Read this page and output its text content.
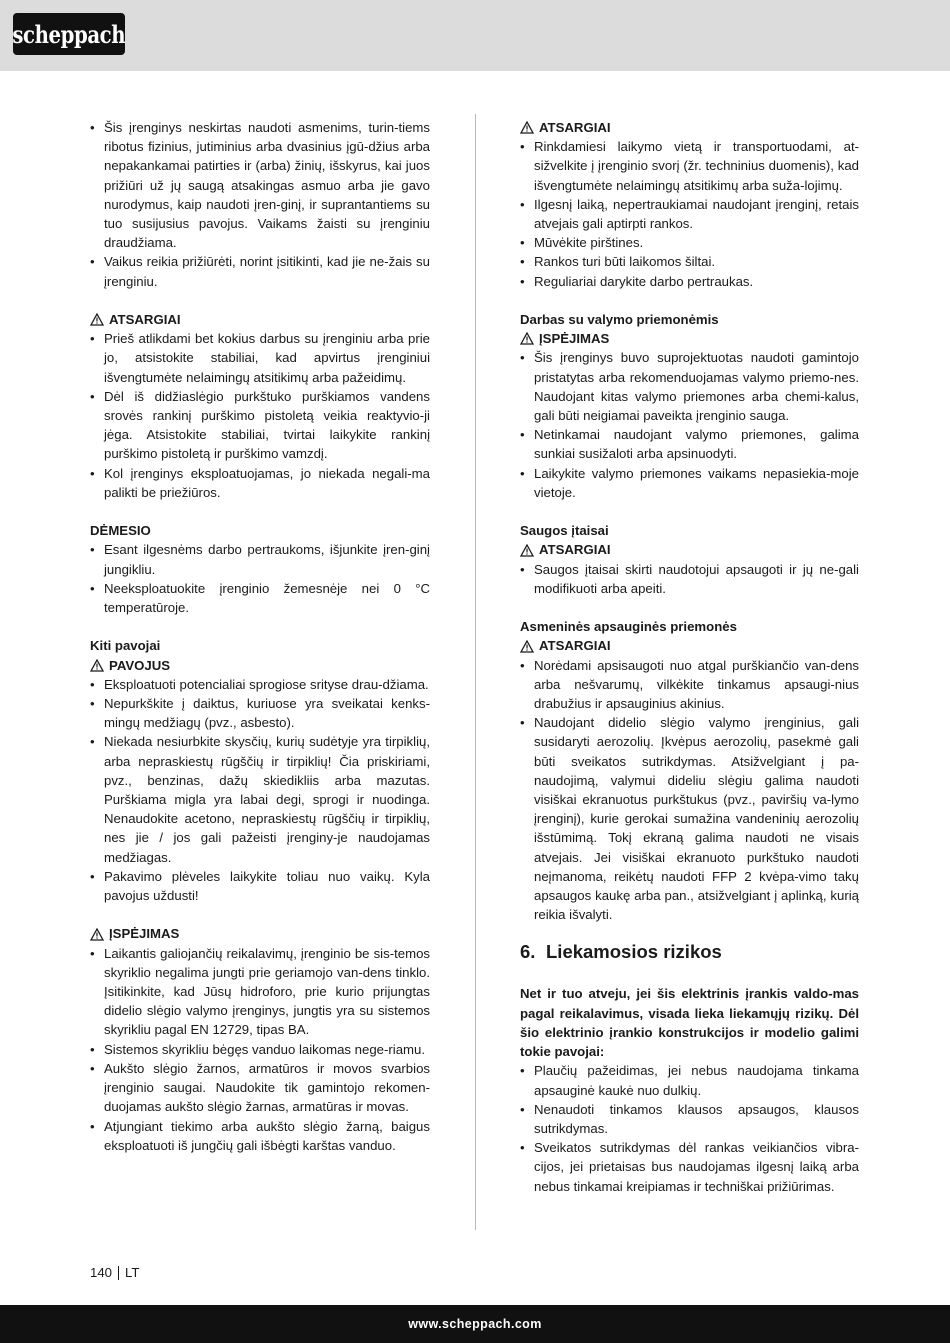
scheppach
• Šis įrenginys neskirtas naudoti asmenims, turin-tiems ribotus fizinius, jutiminius arba dvasinius įgū-džius arba nepakankamai patirties ir (arba) žinių, išskyrus, kai juos prižiūri už jų saugą atsakingas asmuo arba jie gavo nurodymus, kaip naudoti įren-ginį, ir suprantantiems su tuo susijusius pavojus. Vaikams žaisti su įrenginiu draudžiama.
• Vaikus reikia prižiūrėti, norint įsitikinti, kad jie ne-žais su įrenginiu.
ATSARGIAI
• Prieš atlikdami bet kokius darbus su įrenginiu arba prie jo, atsistokite stabiliai, kad apvirtus įrenginiui išvengtumėte nelaimingų atsitikimų arba pažeidimų.
• Dėl iš didžiaslėgio purkštuko purškiamos vandens srovės rankinį purškimo pistoletą veikia reaktyvio-ji jėga. Atsistokite stabiliai, tvirtai laikykite rankinį purškimo pistoletą ir purškimo vamzdį.
• Kol įrenginys eksploatuojamas, jo niekada negali-ma palikti be priežiūros.

DĖMESIO

• Esant ilgesnėms darbo pertraukoms, išjunkite įren-ginį jungikliu.
• Neeksploatuokite įrenginio žemesnėje nei 0 °C temperatūroje.

Kiti pavojai

PAVOJUS
• Eksploatuoti potencialiai sprogiose srityse drau-džiama.
• Nepurkškite į daiktus, kuriuose yra sveikatai kenks-mingų medžiagų (pvz., asbesto).
• Niekada nesiurbkite skysčių, kurių sudėtyje yra tirpiklių, arba nepraskiestų rūgščių ir tirpiklių! Čia priskiriami, pvz., benzinas, dažų skiedikliis arba mazutas. Purškiama migla yra labai degi, sprogi ir nuodinga. Nenaudokite acetono, nepraskiestų rūgščių ir tirpiklių, nes jie / jos gali pažeisti įrenginy-je naudojamas medžiagas.
• Pakavimo plėveles laikykite toliau nuo vaikų. Kyla pavojus uždusti!
ĮSPĖJIMAS
• Laikantis galiojančių reikalavimų, įrenginio be sis-temos skyriklio negalima jungti prie geriamojo van-dens tinklo. Įsitikinkite, kad Jūsų hidroforo, prie kurio prijungtas didelio slėgio valymo įrenginys, jungtis yra su sistemos skyrikliu pagal EN 12729, tipas BA.
• Sistemos skyrikliu bėgęs vanduo laikomas nege-riamu.
• Aukšto slėgio žarnos, armatūros ir movos svarbios įrenginio saugai. Naudokite tik gamintojo rekomen-duojamas aukšto slėgio žarnas, armatūras ir movas.
• Atjungiant tiekimo arba aukšto slėgio žarną, baigus eksploatuoti iš jungčių gali išbėgti karštas vanduo.
ATSARGIAI
• Rinkdamiesi laikymo vietą ir transportuodami, at-sižvelkite į įrenginio svorį (žr. techninius duomenis), kad išvengtumėte nelaimingų atsitikimų arba suža-lojimų.
• Ilgesnį laiką, nepertraukiamai naudojant įrenginį, retais atvejais gali aptirpti rankos.
• Mūvėkite pirštines.
• Rankos turi būti laikomos šiltai.
• Reguliariai darykite darbo pertraukas.

Darbas su valymo priemonėmis

ĮSPĖJIMAS
• Šis įrenginys buvo suprojektuotas naudoti gamintojo pristatytas arba rekomenduojamas valymo priemo-nes. Naudojant kitas valymo priemones arba chemi-kalus, gali būti neigiamai paveikta įrenginio sauga.
• Netinkamai naudojant valymo priemones, galima sunkiai susižaloti arba apsinuodyti.
• Laikykite valymo priemones vaikams nepasiekia-moje vietoje.

Saugos įtaisai

ATSARGIAI
• Saugos įtaisai skirti naudotojui apsaugoti ir jų ne-gali modifikuoti arba apeiti.

Asmeninės apsauginės priemonės

ATSARGIAI
• Norėdami apsisaugoti nuo atgal purškiančio van-dens arba nešvarumų, vilkėkite tinkamus apsaugi-nius drabužius ir apsauginius akinius.
• Naudojant didelio slėgio valymo įrenginius, gali susidaryti aerozolių. Įkvėpus aerozolių, pasekmė gali būti sveikatos sutrikdymas. Atsižvelgiant į pa-naudojimą, valymui dideliu slėgiu galima naudoti visiškai ekranuotus purkštukus (pvz., paviršių va-lymo įrenginį), kurie gerokai sumažina vandeninių aerozolių išstūmimą. Tokį ekraną galima naudoti ne visais atvejais. Jei visiškai ekranuoto purkštuko naudoti neįmanoma, reikėtų naudoti FFP 2 kvėpa-vimo takų apsaugos kaukę arba pan., atsižvelgiant į aplinką, kurią reikia išvalyti.
6. Liekamosios rizikos

Net ir tuo atveju, jei šis elektrinis įrankis valdo-mas pagal reikalavimus, visada lieka liekamųjų rizikų. Dėl šio elektrinio įrankio konstrukcijos ir modelio galimi tokie pavojai:

• Plaučių pažeidimas, jei nebus naudojama tinkama apsauginė kaukė nuo dulkių.
• Nenaudoti tinkamos klausos apsaugos, klausos sutrikdymas.
• Sveikatos sutrikdymas dėl rankas veikiančios vibra-cijos, jei prietaisas bus naudojamas ilgesnį laiką arba nebus tinkamai kreipiamas ir techniškai prižiūrimas.
140 LT
www.scheppach.com
